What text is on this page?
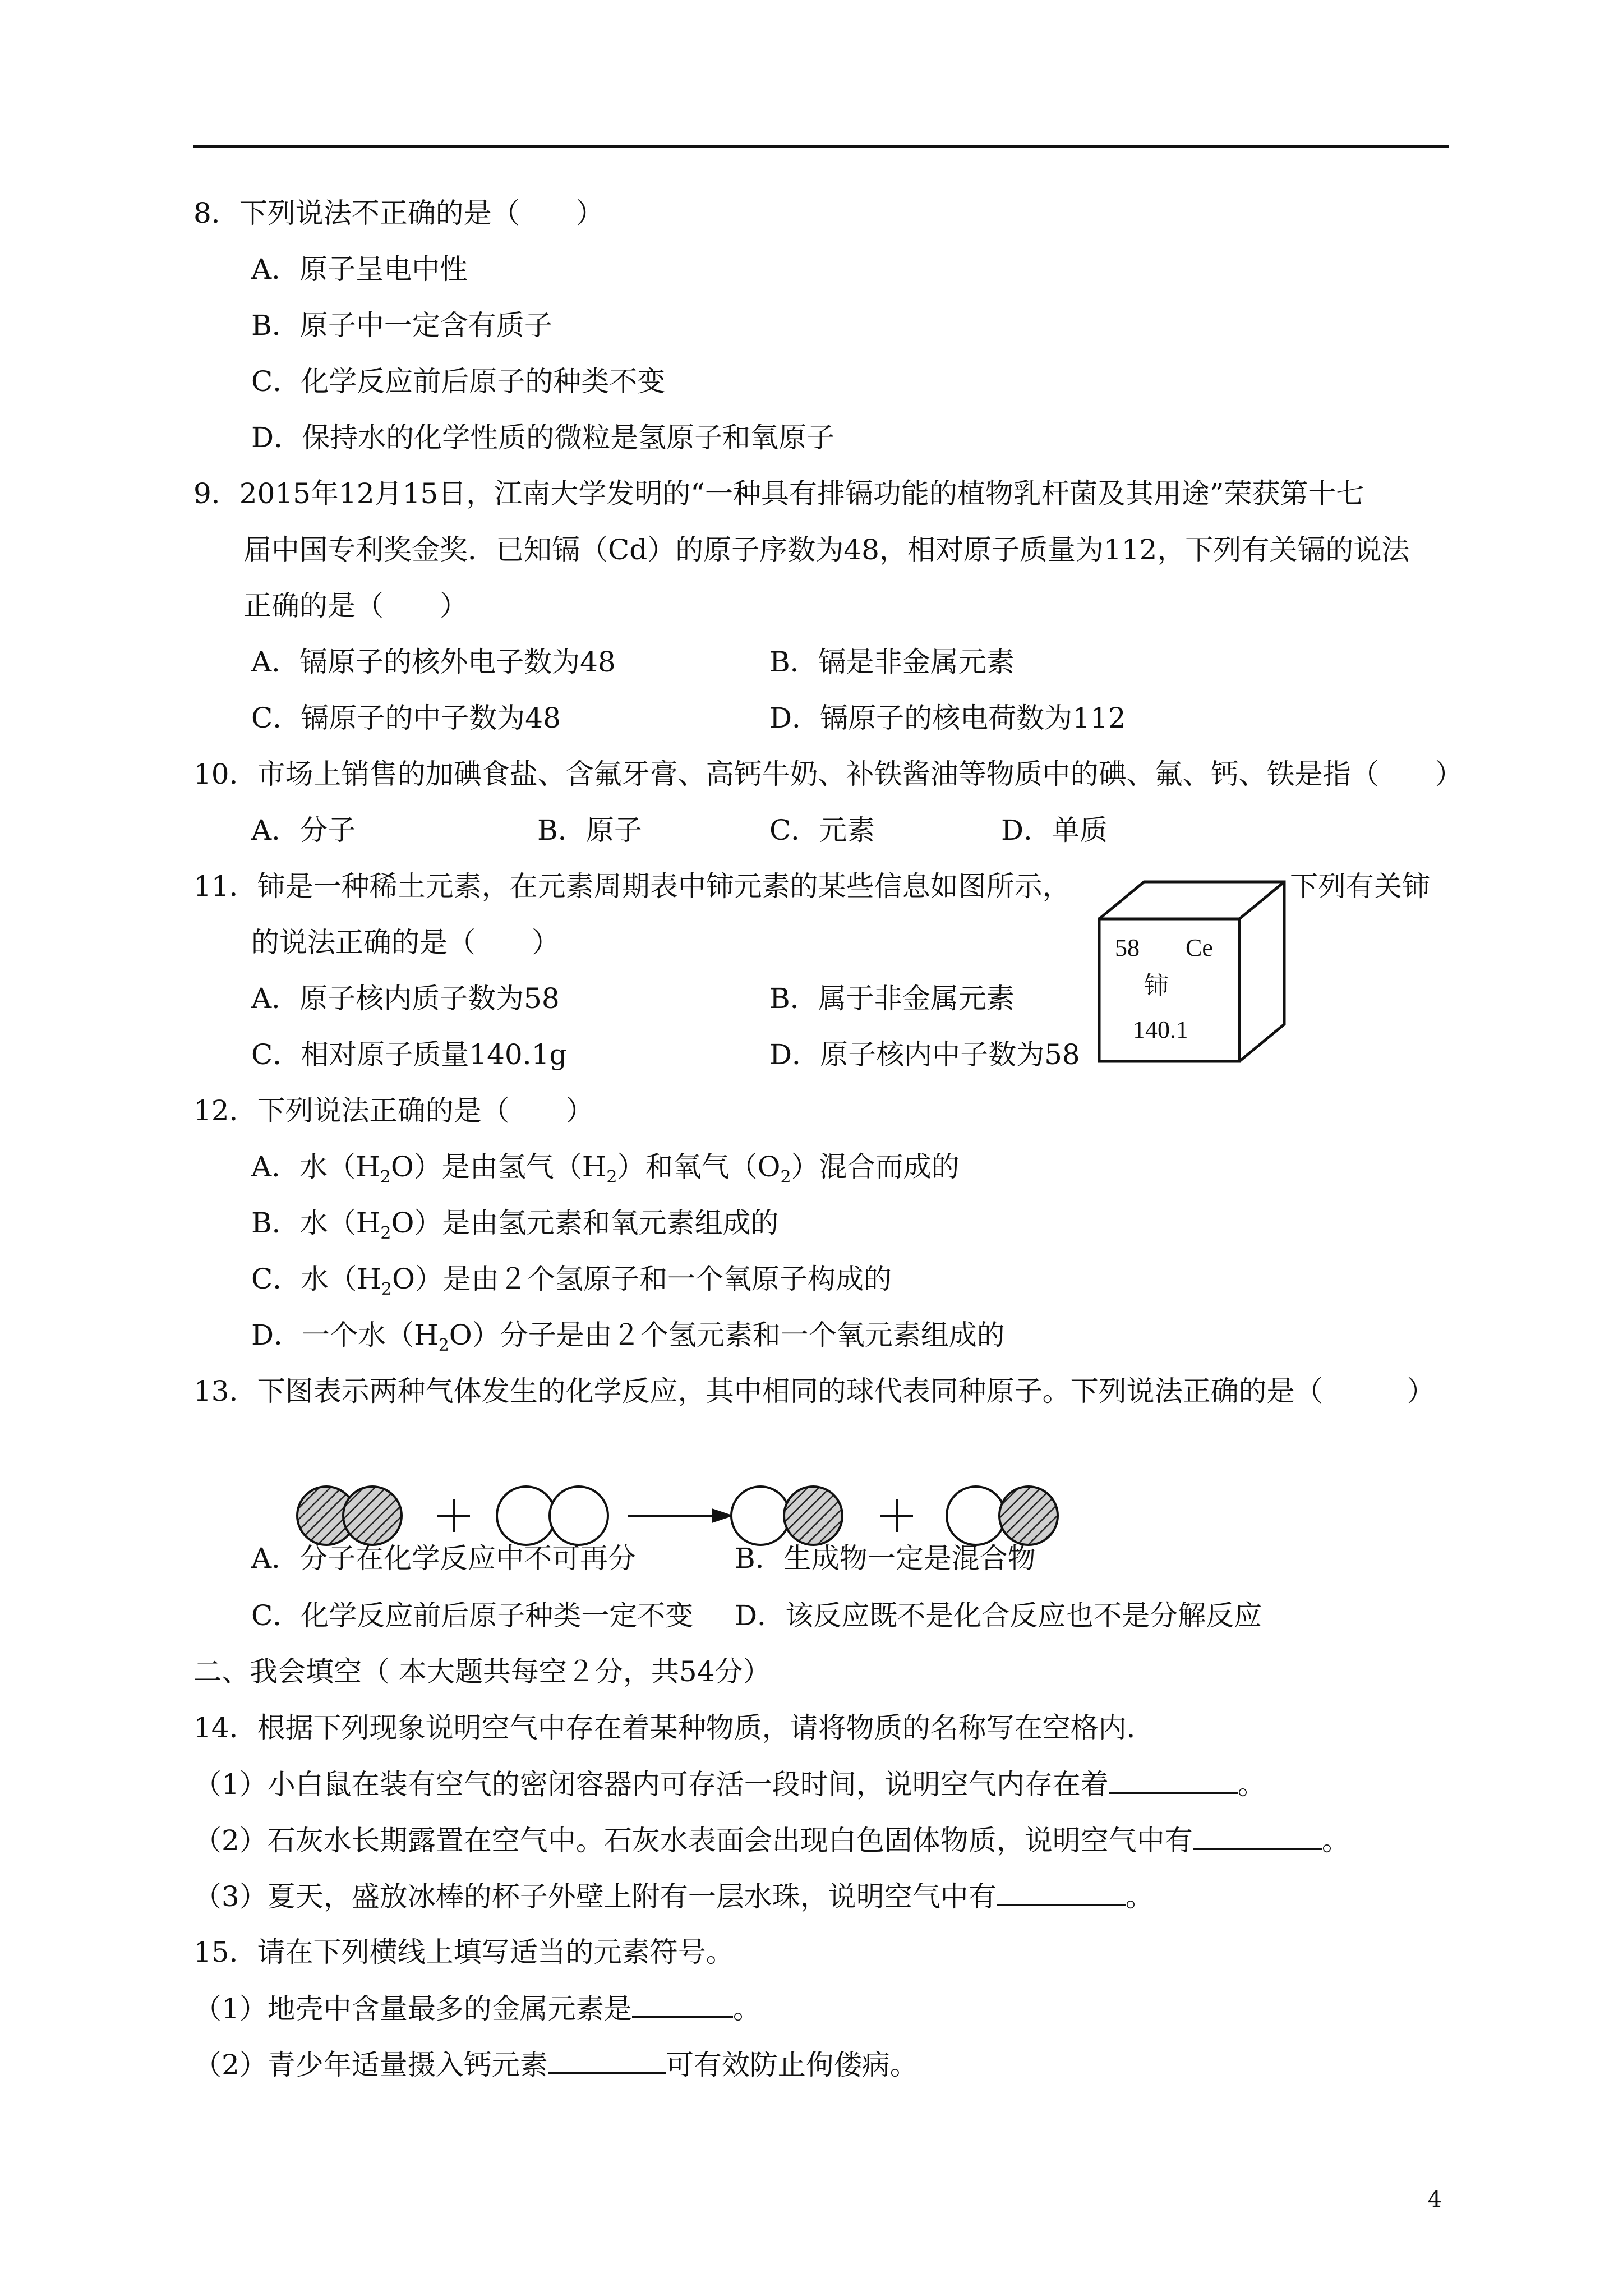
8．下列说法不正确的是（　　）
A．原子呈电中性
B．原子中一定含有质子
C．化学反应前后原子的种类不变
D．保持水的化学性质的微粒是氢原子和氧原子
9．2015年12月15日，江南大学发明的“一种具有排镉功能的植物乳杆菌及其用途”荣获第十七
届中国专利奖金奖．已知镉（Cd）的原子序数为48，相对原子质量为112，下列有关镉的说法
正确的是（　　）
A．镉原子的核外电子数为48	B．镉是非金属元素
C．镉原子的中子数为48	D．镉原子的核电荷数为112
10．市场上销售的加碘食盐、含氟牙膏、高钙牛奶、补铁酱油等物质中的碘、氟、钙、铁是指（　　）
A．分子	B．原子	C．元素	D．单质
11．铈是一种稀土元素，在元素周期表中铈元素的某些信息如图所示，	下列有关铈
的说法正确的是（　　）
A．原子核内质子数为58	B．属于非金属元素
C．相对原子质量140.1g	D．原子核内中子数为58
58 Ce
铈
140.1
12．下列说法正确的是（　　）
A．水$(H_2O)$是由氢气$(H_2)$和氧气$(O_2)$混合而成的
B．水$(H_2O)$是由氢元素和氧元素组成的
C．水$(H_2O)$是由２个氢原子和一个氧原子构成的
D．一个水$(H_2O)$分子是由２个氢元素和一个氧元素组成的
13．下图表示两种气体发生的化学反应，其中相同的球代表同种原子。下列说法正确的是（　　　）
A．分子在化学反应中不可再分	B．生成物一定是混合物
C．化学反应前后原子种类一定不变 D．该反应既不是化合反应也不是分解反应
二、我会填空（ 本大题共每空２分，共54分）
14．根据下列现象说明空气中存在着某种物质，请将物质的名称写在空格内．
（1）小白鼠在装有空气的密闭容器内可存活一段时间，说明空气内存在着	。
（2）石灰水长期露置在空气中。石灰水表面会出现白色固体物质，说明空气中有	。
（3）夏天，盛放冰棒的杯子外壁上附有一层水珠，说明空气中有	。
15．请在下列横线上填写适当的元素符号。
（1）地壳中含量最多的金属元素是	。
（2）青少年适量摄入钙元素	可有效防止佝偻病。
4
